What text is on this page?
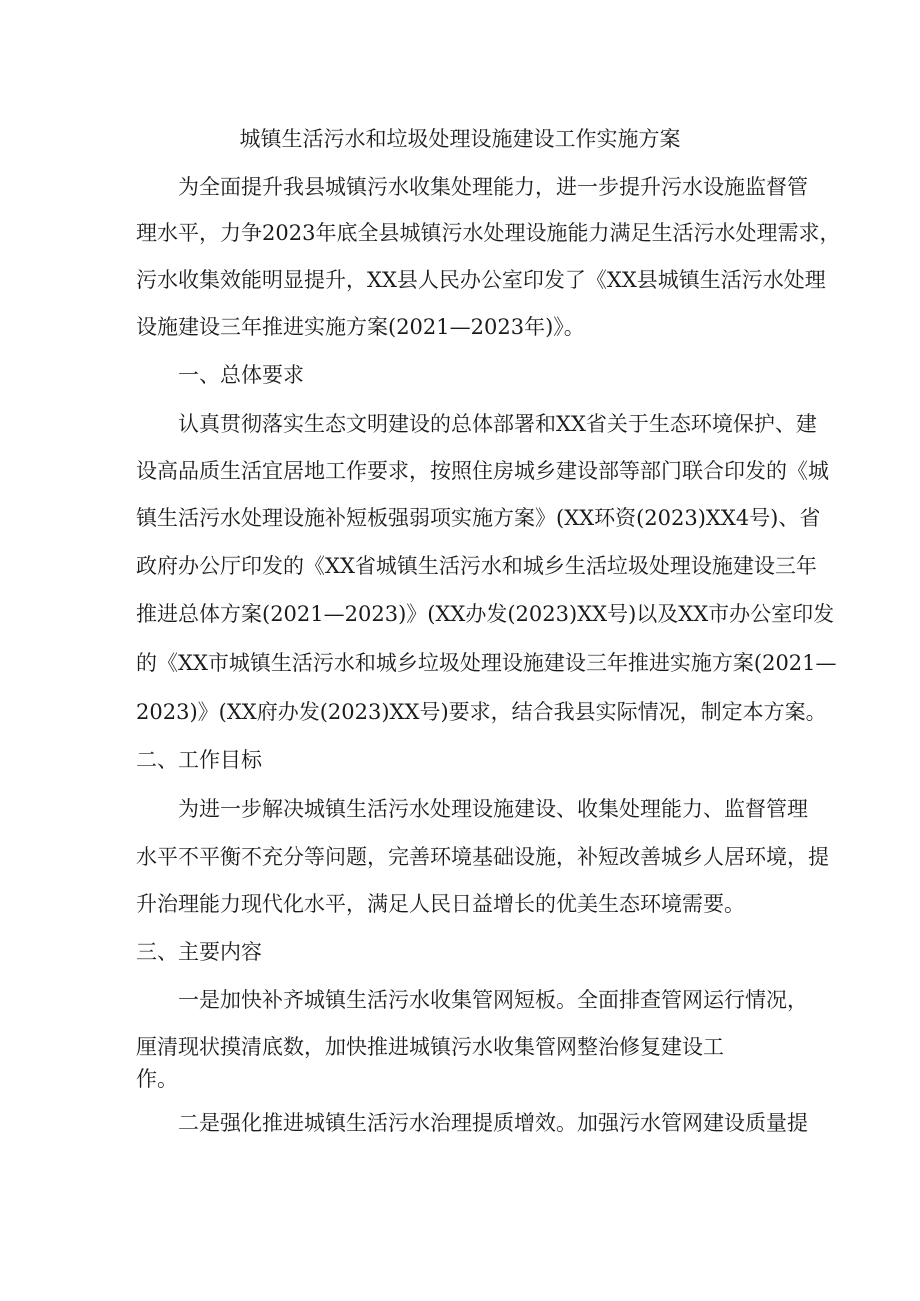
城镇生活污水和垃圾处理设施建设工作实施方案
为全面提升我县城镇污水收集处理能力，进一步提升污水设施监督管
理水平，力争2023年底全县城镇污水处理设施能力满足生活污水处理需求，
污水收集效能明显提升，XX县人民办公室印发了《XX县城镇生活污水处理
设施建设三年推进实施方案(2021—2023年)》。
一、总体要求
认真贯彻落实生态文明建设的总体部署和XX省关于生态环境保护、建
设高品质生活宜居地工作要求，按照住房城乡建设部等部门联合印发的《城
镇生活污水处理设施补短板强弱项实施方案》(XX环资(2023)XX4号)、省
政府办公厅印发的《XX省城镇生活污水和城乡生活垃圾处理设施建设三年
推进总体方案(2021—2023)》(XX办发(2023)XX号)以及XX市办公室印发
的《XX市城镇生活污水和城乡垃圾处理设施建设三年推进实施方案(2021—
2023)》(XX府办发(2023)XX号)要求，结合我县实际情况，制定本方案。
二、工作目标
为进一步解决城镇生活污水处理设施建设、收集处理能力、监督管理
水平不平衡不充分等问题，完善环境基础设施，补短改善城乡人居环境，提
升治理能力现代化水平，满足人民日益增长的优美生态环境需要。
三、主要内容
一是加快补齐城镇生活污水收集管网短板。全面排查管网运行情况，
厘清现状摸清底数，加快推进城镇污水收集管网整治修复建设工
作。
二是强化推进城镇生活污水治理提质增效。加强污水管网建设质量提
